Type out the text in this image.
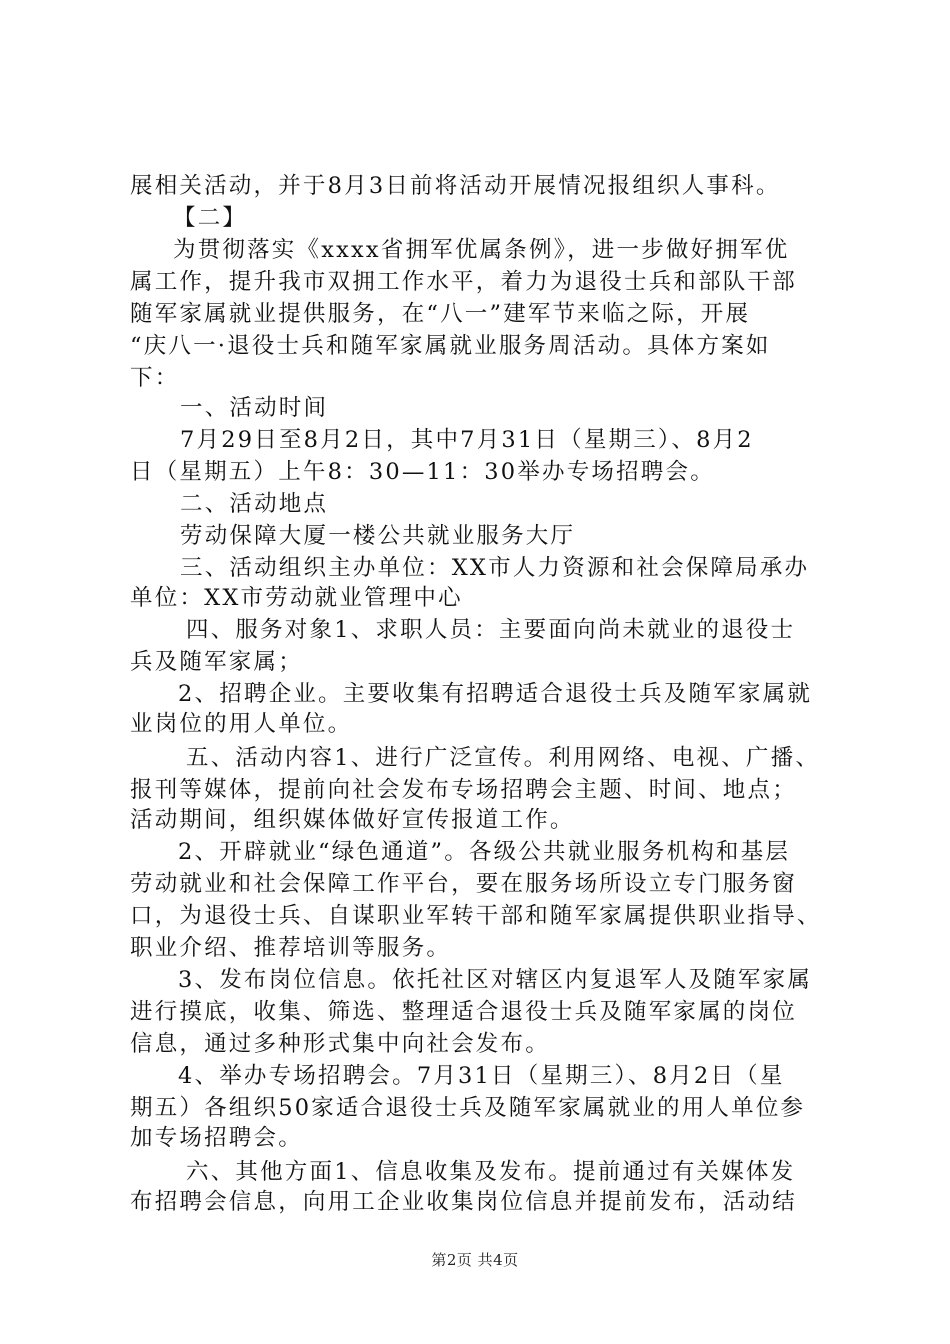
展相关活动，并于8月3日前将活动开展情况报组织人事科。
【二】
为贯彻落实《xxxx省拥军优属条例》，进一步做好拥军优
属工作，提升我市双拥工作水平，着力为退役士兵和部队干部
随军家属就业提供服务，在“八一”建军节来临之际，开展
“庆八一·退役士兵和随军家属就业服务周活动。具体方案如
下：
一、活动时间
7月29日至8月2日，其中7月31日（星期三）、8月2
日（星期五）上午8：30—11：30举办专场招聘会。
二、活动地点
劳动保障大厦一楼公共就业服务大厅
三、活动组织主办单位：XX市人力资源和社会保障局承办
单位：XX市劳动就业管理中心
四、服务对象1、求职人员：主要面向尚未就业的退役士
兵及随军家属；
2、招聘企业。主要收集有招聘适合退役士兵及随军家属就
业岗位的用人单位。
五、活动内容1、进行广泛宣传。利用网络、电视、广播、
报刊等媒体，提前向社会发布专场招聘会主题、时间、地点；
活动期间，组织媒体做好宣传报道工作。
2、开辟就业“绿色通道”。各级公共就业服务机构和基层
劳动就业和社会保障工作平台，要在服务场所设立专门服务窗
口，为退役士兵、自谋职业军转干部和随军家属提供职业指导、
职业介绍、推荐培训等服务。
3、发布岗位信息。依托社区对辖区内复退军人及随军家属
进行摸底，收集、筛选、整理适合退役士兵及随军家属的岗位
信息，通过多种形式集中向社会发布。
4、举办专场招聘会。7月31日（星期三）、8月2日（星
期五）各组织50家适合退役士兵及随军家属就业的用人单位参
加专场招聘会。
六、其他方面1、信息收集及发布。提前通过有关媒体发
布招聘会信息，向用工企业收集岗位信息并提前发布，活动结
第2页 共4页
